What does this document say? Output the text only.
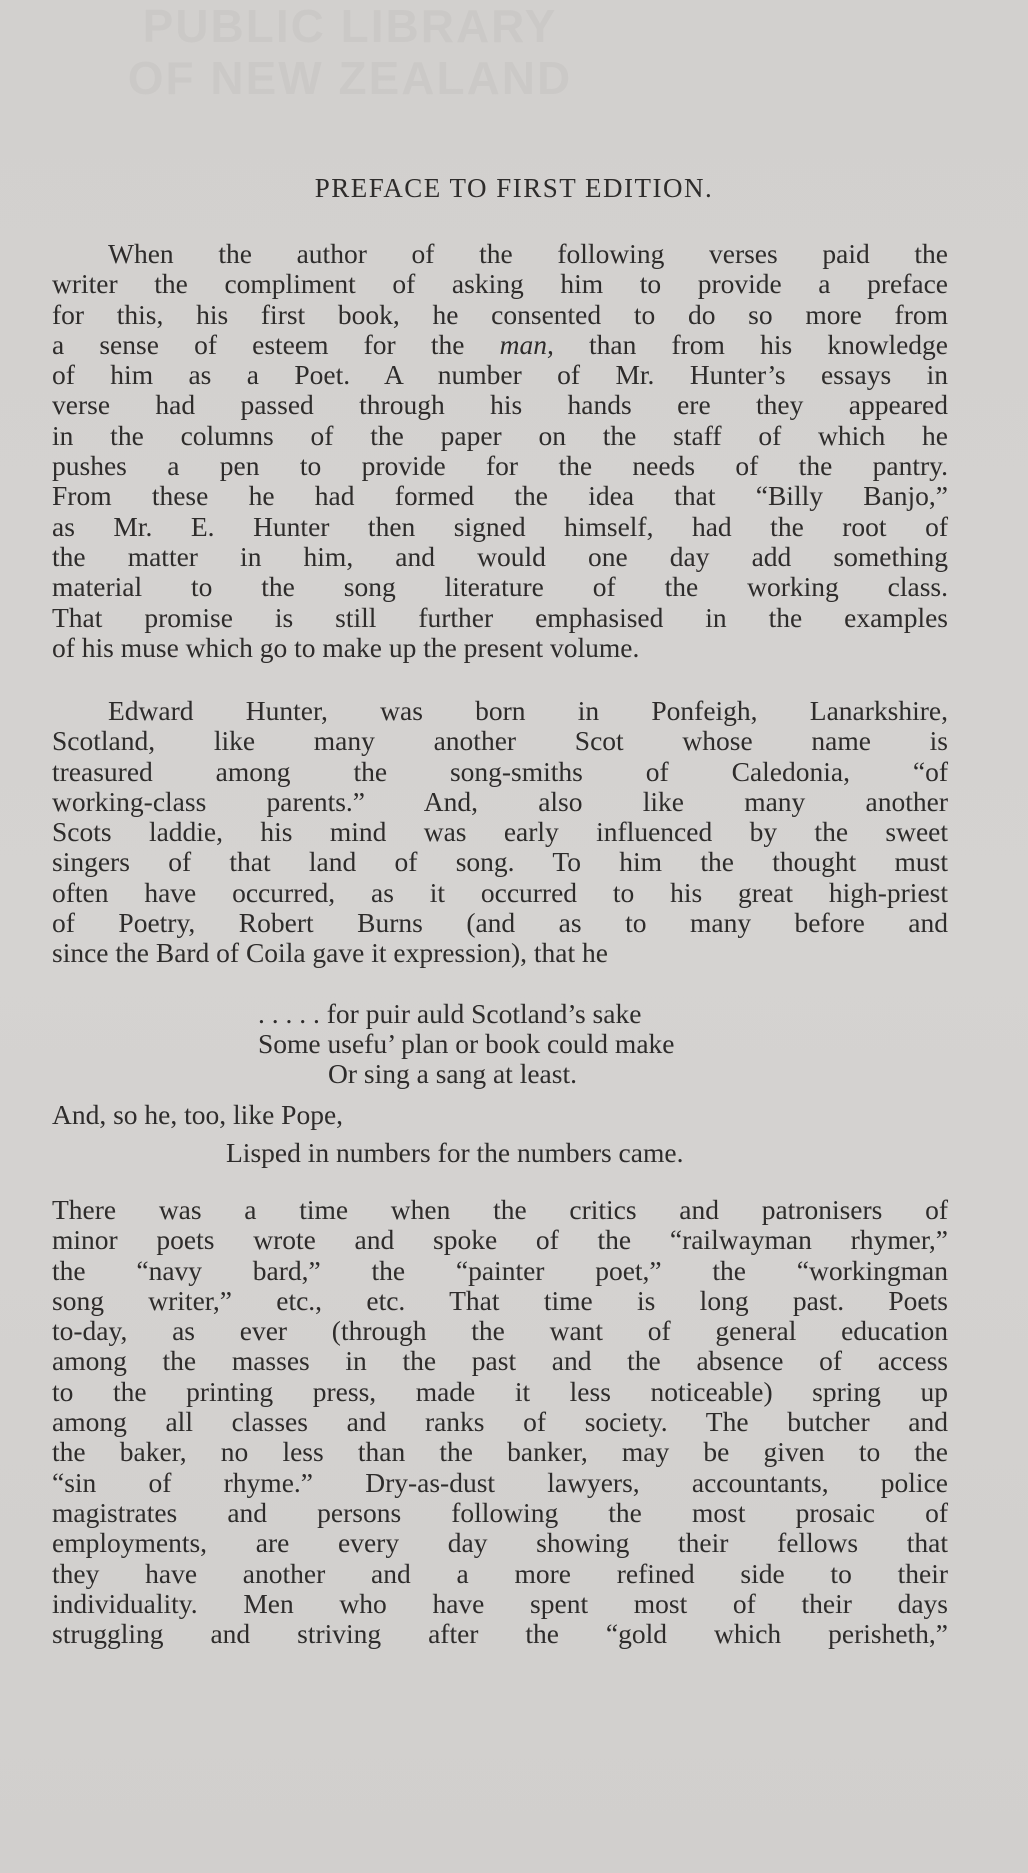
PUBLIC LIBRARY
OF NEW ZEALAND
PREFACE TO FIRST EDITION.
When the author of the following verses paid the
writer the compliment of asking him to provide a preface
for this, his first book, he consented to do so more from
a sense of esteem for the man, than from his knowledge
of him as a Poet. A number of Mr. Hunter’s essays in
verse had passed through his hands ere they appeared
in the columns of the paper on the staff of which he
pushes a pen to provide for the needs of the pantry.
From these he had formed the idea that “Billy Banjo,”
as Mr. E. Hunter then signed himself, had the root of
the matter in him, and would one day add something
material to the song literature of the working class.
That promise is still further emphasised in the examples
of his muse which go to make up the present volume.
Edward Hunter, was born in Ponfeigh, Lanarkshire,
Scotland, like many another Scot whose name is
treasured among the song-smiths of Caledonia, “of
working-class parents.” And, also like many another
Scots laddie, his mind was early influenced by the sweet
singers of that land of song. To him the thought must
often have occurred, as it occurred to his great high-priest
of Poetry, Robert Burns (and as to many before and
since the Bard of Coila gave it expression), that he
. . . . . for puir auld Scotland’s sake
Some usefu’ plan or book could make
Or sing a sang at least.
And, so he, too, like Pope,
Lisped in numbers for the numbers came.
There was a time when the critics and patronisers of
minor poets wrote and spoke of the “railwayman rhymer,”
the “navy bard,” the “painter poet,” the “workingman
song writer,” etc., etc. That time is long past. Poets
to-day, as ever (through the want of general education
among the masses in the past and the absence of access
to the printing press, made it less noticeable) spring up
among all classes and ranks of society. The butcher and
the baker, no less than the banker, may be given to the
“sin of rhyme.” Dry-as-dust lawyers, accountants, police
magistrates and persons following the most prosaic of
employments, are every day showing their fellows that
they have another and a more refined side to their
individuality. Men who have spent most of their days
struggling and striving after the “gold which perisheth,”
